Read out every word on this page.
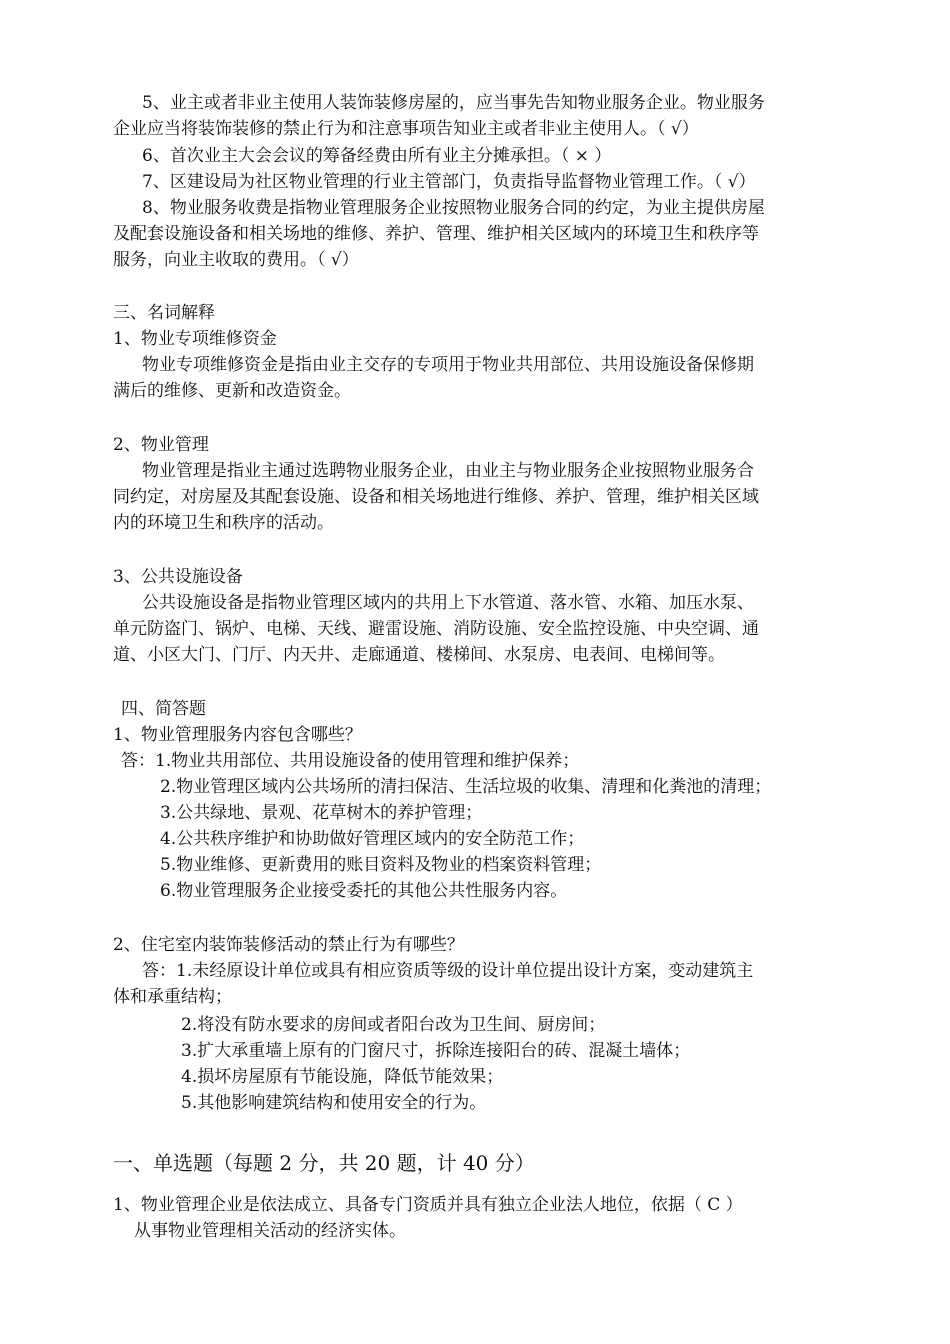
5、业主或者非业主使用人装饰装修房屋的，应当事先告知物业服务企业。物业服务
企业应当将装饰装修的禁止行为和注意事项告知业主或者非业主使用人。（ √）
6、首次业主大会会议的筹备经费由所有业主分摊承担。（ × ）
7、区建设局为社区物业管理的行业主管部门，负责指导监督物业管理工作。（ √）
8、物业服务收费是指物业管理服务企业按照物业服务合同的约定，为业主提供房屋
及配套设施设备和相关场地的维修、养护、管理、维护相关区域内的环境卫生和秩序等
服务，向业主收取的费用。（ √）
三、名词解释
1、物业专项维修资金
物业专项维修资金是指由业主交存的专项用于物业共用部位、共用设施设备保修期
满后的维修、更新和改造资金。
2、物业管理
物业管理是指业主通过选聘物业服务企业，由业主与物业服务企业按照物业服务合
同约定，对房屋及其配套设施、设备和相关场地进行维修、养护、管理，维护相关区域
内的环境卫生和秩序的活动。
3、公共设施设备
公共设施设备是指物业管理区域内的共用上下水管道、落水管、水箱、加压水泵、
单元防盗门、锅炉、电梯、天线、避雷设施、消防设施、安全监控设施、中央空调、通
道、小区大门、门厅、内天井、走廊通道、楼梯间、水泵房、电表间、电梯间等。
四、简答题
1、物业管理服务内容包含哪些？
答：1.物业共用部位、共用设施设备的使用管理和维护保养；
2.物业管理区域内公共场所的清扫保洁、生活垃圾的收集、清理和化粪池的清理；
3.公共绿地、景观、花草树木的养护管理；
4.公共秩序维护和协助做好管理区域内的安全防范工作；
5.物业维修、更新费用的账目资料及物业的档案资料管理；
6.物业管理服务企业接受委托的其他公共性服务内容。
2、住宅室内装饰装修活动的禁止行为有哪些？
答：1.未经原设计单位或具有相应资质等级的设计单位提出设计方案，变动建筑主
体和承重结构；
2.将没有防水要求的房间或者阳台改为卫生间、厨房间；
3.扩大承重墙上原有的门窗尺寸，拆除连接阳台的砖、混凝土墙体；
4.损坏房屋原有节能设施，降低节能效果；
5.其他影响建筑结构和使用安全的行为。
一、单选题（每题 2 分，共 20 题，计 40 分）
1、物业管理企业是依法成立、具备专门资质并具有独立企业法人地位，依据（ C ）
从事物业管理相关活动的经济实体。
